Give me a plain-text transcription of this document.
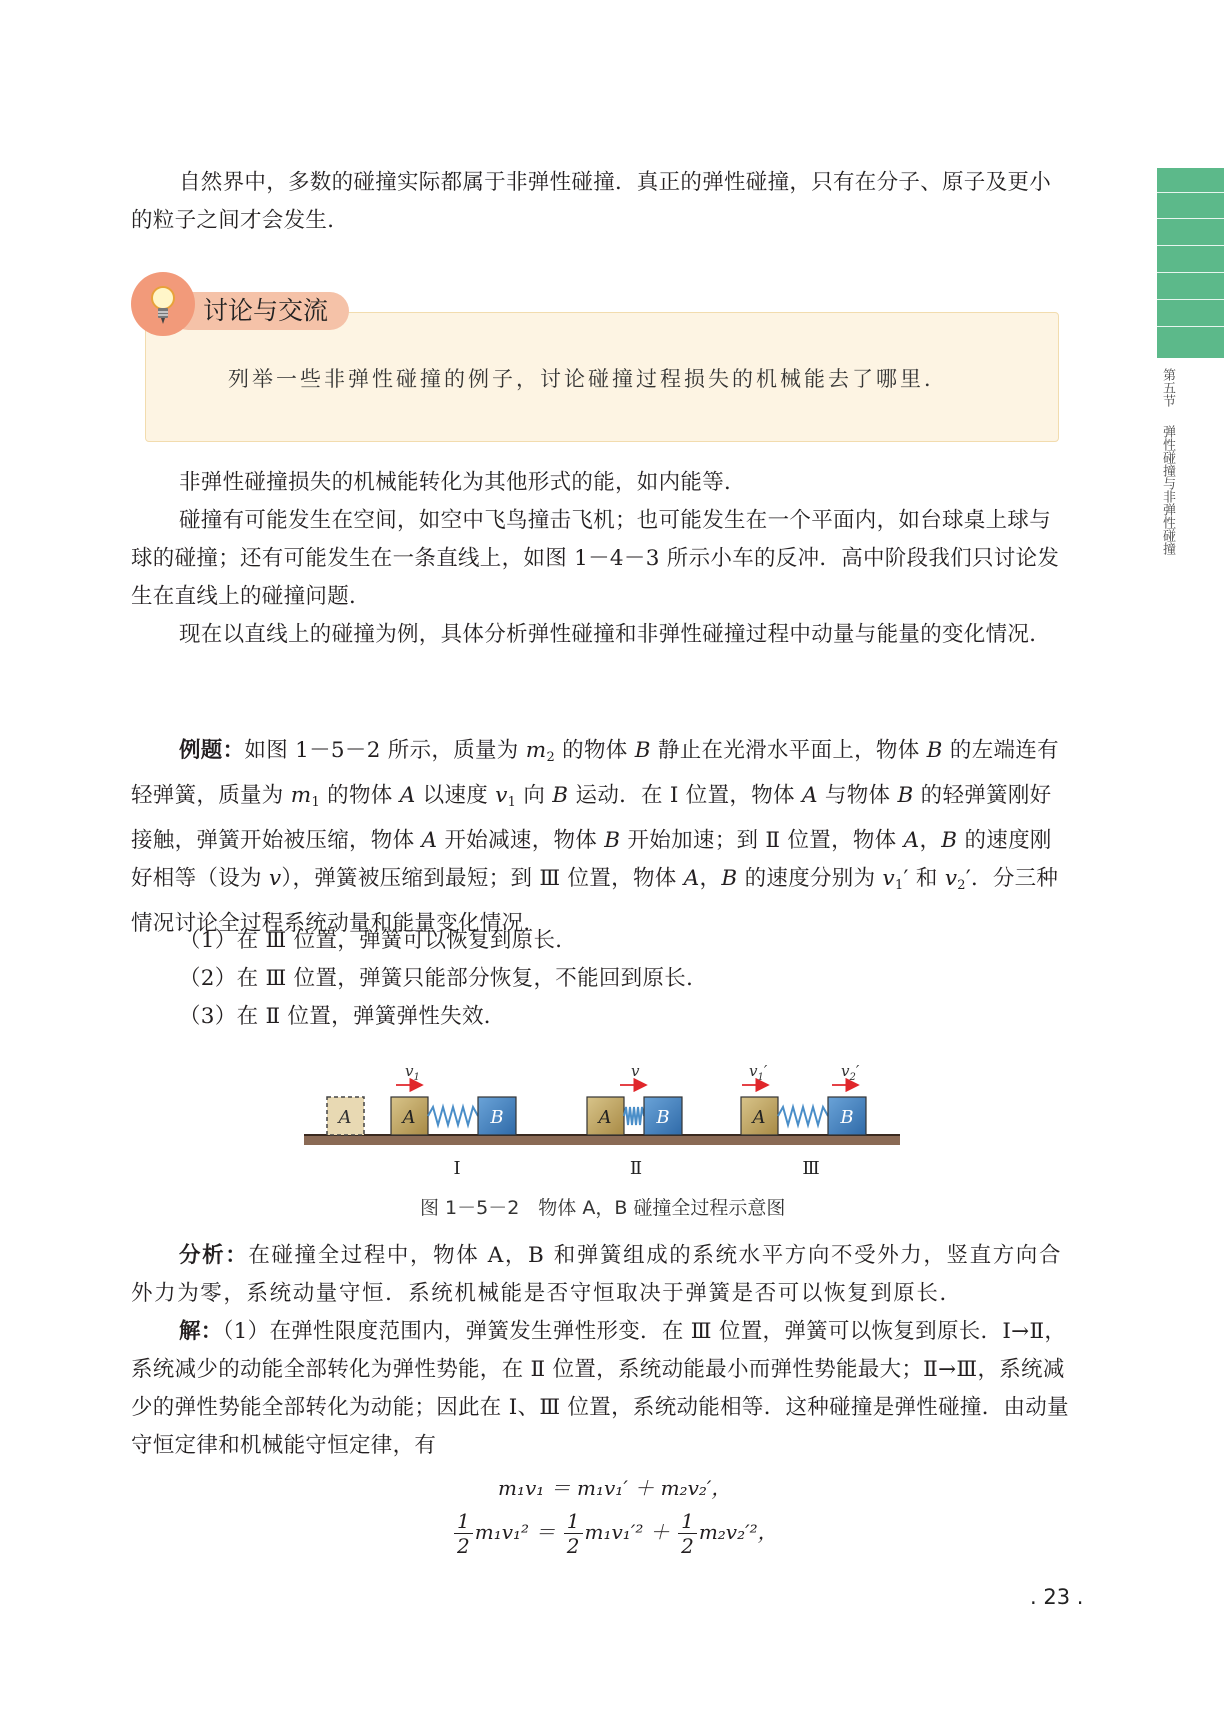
第五节
弹性碰撞与非弹性碰撞

自然界中，多数的碰撞实际都属于非弹性碰撞．真正的弹性碰撞，只有在分子、原子及更小的粒子之间才会发生．

讨论与交流
列举一些非弹性碰撞的例子，讨论碰撞过程损失的机械能去了哪里．

非弹性碰撞损失的机械能转化为其他形式的能，如内能等．

碰撞有可能发生在空间，如空中飞鸟撞击飞机；也可能发生在一个平面内，如台球桌上球与球的碰撞；还有可能发生在一条直线上，如图 1－4－3 所示小车的反冲．高中阶段我们只讨论发生在直线上的碰撞问题．

现在以直线上的碰撞为例，具体分析弹性碰撞和非弹性碰撞过程中动量与能量的变化情况．

例题：如图 1－5－2 所示，质量为 $m_2$ 的物体 B 静止在光滑水平面上，物体 B 的左端连有轻弹簧，质量为 $m_1$ 的物体 A 以速度 $v_1$ 向 B 运动．在 Ⅰ 位置，物体 A 与物体 B 的轻弹簧刚好接触，弹簧开始被压缩，物体 A 开始减速，物体 B 开始加速；到 Ⅱ 位置，物体 A，B 的速度刚好相等（设为 v），弹簧被压缩到最短；到 Ⅲ 位置，物体 A，B 的速度分别为 $v_1'$ 和 $v_2'$．分三种情况讨论全过程系统动量和能量变化情况．

（1）在 Ⅲ 位置，弹簧可以恢复到原长．

（2）在 Ⅲ 位置，弹簧只能部分恢复，不能回到原长．

（3）在 Ⅱ 位置，弹簧弹性失效．

A	A	B
$v_1$
A B
v
A	B
$v_1'$	$v_2'$
Ⅰ	Ⅱ	Ⅲ
图 1－5－2　物体 A，B 碰撞全过程示意图

分析：在碰撞全过程中，物体 A，B 和弹簧组成的系统水平方向不受外力，竖直方向合外力为零，系统动量守恒．系统机械能是否守恒取决于弹簧是否可以恢复到原长．

解：（1）在弹性限度范围内，弹簧发生弹性形变．在 Ⅲ 位置，弹簧可以恢复到原长．Ⅰ→Ⅱ，系统减少的动能全部转化为弹性势能，在 Ⅱ 位置，系统动能最小而弹性势能最大；Ⅱ→Ⅲ，系统减少的弹性势能全部转化为动能；因此在 Ⅰ、Ⅲ 位置，系统动能相等．这种碰撞是弹性碰撞．由动量守恒定律和机械能守恒定律，有

m₁v₁ ＝ m₁v₁′ ＋ m₂v₂′，
$\frac{1}{2} m_1v_1^2 = \frac{1}{2} m_1v_1'^2 + \frac{1}{2} m_2v_2'^2$，
. 23 .
